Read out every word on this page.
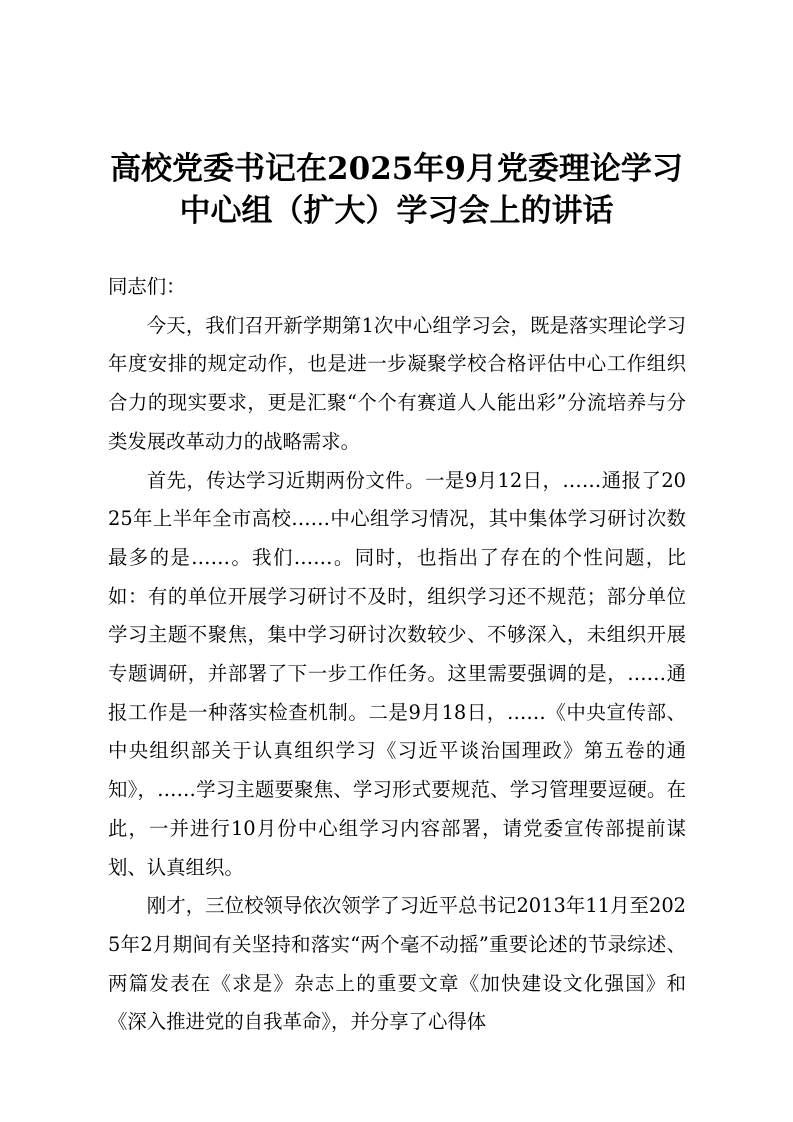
高校党委书记在2025年9月党委理论学习
中心组（扩大）学习会上的讲话

同志们：

今天，我们召开新学期第1次中心组学习会，既是落实理论学习年度安排的规定动作，也是进一步凝聚学校合格评估中心工作组织合力的现实要求，更是汇聚“个个有赛道人人能出彩”分流培养与分类发展改革动力的战略需求。

首先，传达学习近期两份文件。一是9月12日，……通报了2025年上半年全市高校……中心组学习情况，其中集体学习研讨次数最多的是……。我们……。同时，也指出了存在的个性问题，比如：有的单位开展学习研讨不及时，组织学习还不规范；部分单位学习主题不聚焦，集中学习研讨次数较少、不够深入，未组织开展专题调研，并部署了下一步工作任务。这里需要强调的是，……通报工作是一种落实检查机制。二是9月18日，……《中央宣传部、中央组织部关于认真组织学习《习近平谈治国理政》第五卷的通知》，……学习主题要聚焦、学习形式要规范、学习管理要逗硬。在此，一并进行10月份中心组学习内容部署，请党委宣传部提前谋划、认真组织。

刚才，三位校领导依次领学了习近平总书记2013年11月至2025年2月期间有关坚持和落实“两个毫不动摇”重要论述的节录综述、两篇发表在《求是》杂志上的重要文章《加快建设文化强国》和《深入推进党的自我革命》，并分享了心得体
